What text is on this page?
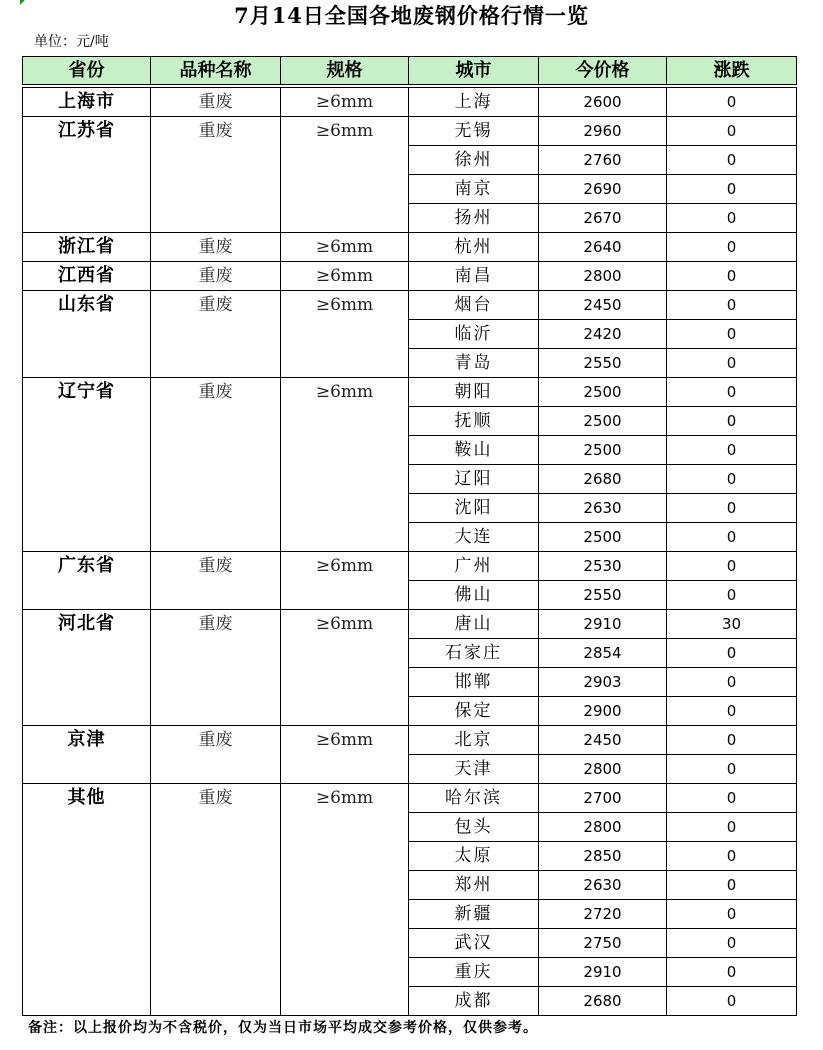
7月14日全国各地废钢价格行情一览
单位：元/吨
省份	品种名称	规格	城市	今价格	涨跌

上海市	重废	≥6mm	上海	2600	0
江苏省	重废	≥6mm	无锡	2960	0
			徐州	2760	0
			南京	2690	0
			扬州	2670	0
浙江省	重废	≥6mm	杭州	2640	0
江西省	重废	≥6mm	南昌	2800	0
山东省	重废	≥6mm	烟台	2450	0
			临沂	2420	0
			青岛	2550	0
辽宁省	重废	≥6mm	朝阳	2500	0
			抚顺	2500	0
			鞍山	2500	0
			辽阳	2680	0
			沈阳	2630	0
			大连	2500	0
广东省	重废	≥6mm	广州	2530	0
			佛山	2550	0
河北省	重废	≥6mm	唐山	2910	30
			石家庄	2854	0
			邯郸	2903	0
			保定	2900	0
京津	重废	≥6mm	北京	2450	0
			天津	2800	0
其他	重废	≥6mm	哈尔滨	2700	0
			包头	2800	0
			太原	2850	0
			郑州	2630	0
			新疆	2720	0
			武汉	2750	0
			重庆	2910	0
			成都	2680	0
备注：以上报价均为不含税价，仅为当日市场平均成交参考价格，仅供参考。
